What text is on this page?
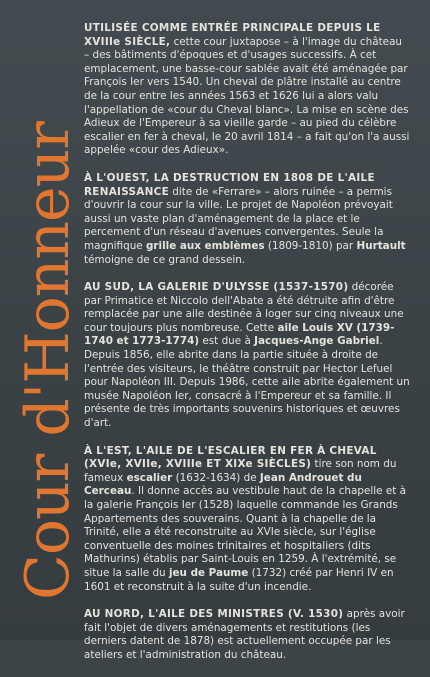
Cour d'Honneur

UTILISÉE COMME ENTRÉE PRINCIPALE DEPUIS LE XVIIIe SIÈCLE, cette cour juxtapose – à l'image du château – des bâtiments d'époques et d'usages successifs. À cet emplacement, une basse-cour sablée avait été aménagée par François Ier vers 1540. Un cheval de plâtre installé au centre de la cour entre les années 1563 et 1626 lui a alors valu l'appellation de «cour du Cheval blanc». La mise en scène des Adieux de l'Empereur à sa vieille garde – au pied du célèbre escalier en fer à cheval, le 20 avril 1814 – a fait qu'on l'a aussi appelée «cour des Adieux».

À L'OUEST, LA DESTRUCTION EN 1808 DE L'AILE RENAISSANCE dite de «Ferrare» – alors ruinée – a permis d'ouvrir la cour sur la ville. Le projet de Napoléon prévoyait aussi un vaste plan d'aménagement de la place et le percement d'un réseau d'avenues convergentes. Seule la magnifique grille aux emblèmes (1809-1810) par Hurtault témoigne de ce grand dessein.

AU SUD, LA GALERIE D'ULYSSE (1537-1570) décorée par Primatice et Niccolo dell'Abate a été détruite afin d'être remplacée par une aile destinée à loger sur cinq niveaux une cour toujours plus nombreuse. Cette aile Louis XV (1739-1740 et 1773-1774) est due à Jacques-Ange Gabriel. Depuis 1856, elle abrite dans la partie située à droite de l'entrée des visiteurs, le théâtre construit par Hector Lefuel pour Napoléon III. Depuis 1986, cette aile abrite également un musée Napoléon Ier, consacré à l'Empereur et sa famille. Il présente de très importants souvenirs historiques et œuvres d'art.

À L'EST, L'AILE DE L'ESCALIER EN FER À CHEVAL (XVIe, XVIIe, XVIIIe ET XIXe SIÈCLES) tire son nom du fameux escalier (1632-1634) de Jean Androuet du Cerceau. Il donne accès au vestibule haut de la chapelle et à la galerie François Ier (1528) laquelle commande les Grands Appartements des souverains. Quant à la chapelle de la Trinité, elle a été reconstruite au XVIe siècle, sur l'église conventuelle des moines trinitaires et hospitaliers (dits Mathurins) établis par Saint-Louis en 1259. À l'extrémité, se situe la salle du jeu de Paume (1732) créé par Henri IV en 1601 et reconstruit à la suite d'un incendie.

AU NORD, L'AILE DES MINISTRES (V. 1530) après avoir fait l'objet de divers aménagements et restitutions (les derniers datent de 1878) est actuellement occupée par les ateliers et l'administration du château.
